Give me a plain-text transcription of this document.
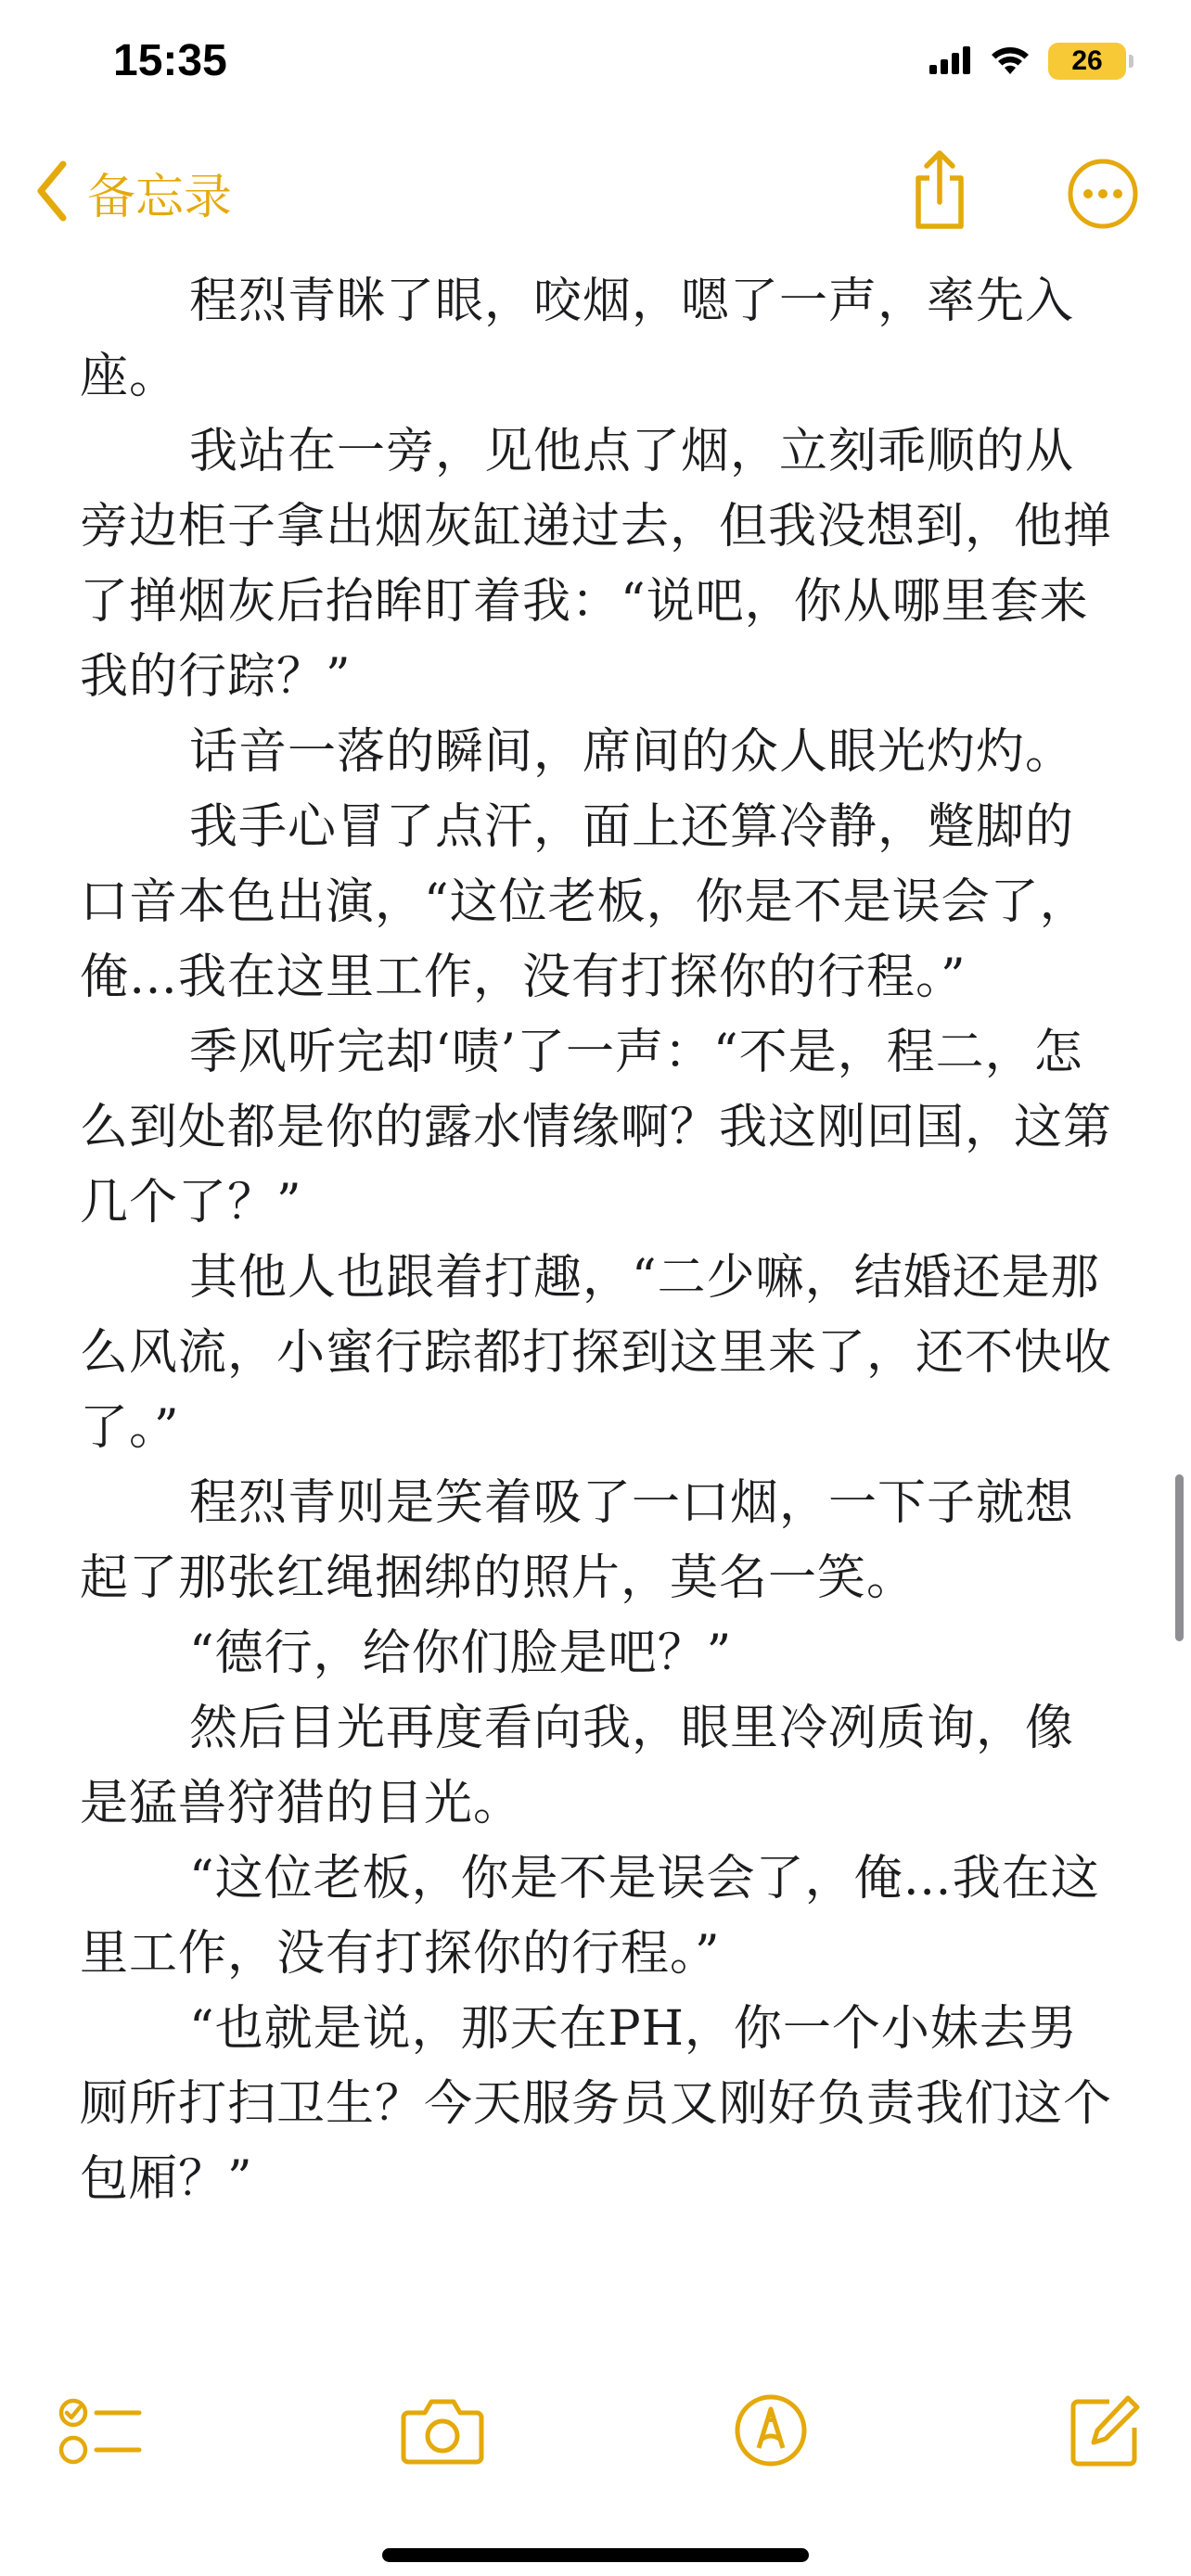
15:35	26
备忘录

程烈青眯了眼，咬烟，嗯了一声，率先入座。

我站在一旁，见他点了烟，立刻乖顺的从旁边柜子拿出烟灰缸递过去，但我没想到，他掸了掸烟灰后抬眸盯着我：“说吧，你从哪里套来我的行踪？”

话音一落的瞬间，席间的众人眼光灼灼。

我手心冒了点汗，面上还算冷静，蹩脚的口音本色出演，“这位老板，你是不是误会了，俺…我在这里工作，没有打探你的行程。”

季风听完却‘啧’了一声：“不是，程二，怎么到处都是你的露水情缘啊？我这刚回国，这第几个了？”

其他人也跟着打趣，“二少嘛，结婚还是那么风流，小蜜行踪都打探到这里来了，还不快收了。”

程烈青则是笑着吸了一口烟，一下子就想起了那张红绳捆绑的照片，莫名一笑。

“德行，给你们脸是吧？”

然后目光再度看向我，眼里冷冽质询，像是猛兽狩猎的目光。

“这位老板，你是不是误会了，俺…我在这里工作，没有打探你的行程。”

“也就是说，那天在PH，你一个小妹去男厕所打扫卫生？今天服务员又刚好负责我们这个包厢？”
